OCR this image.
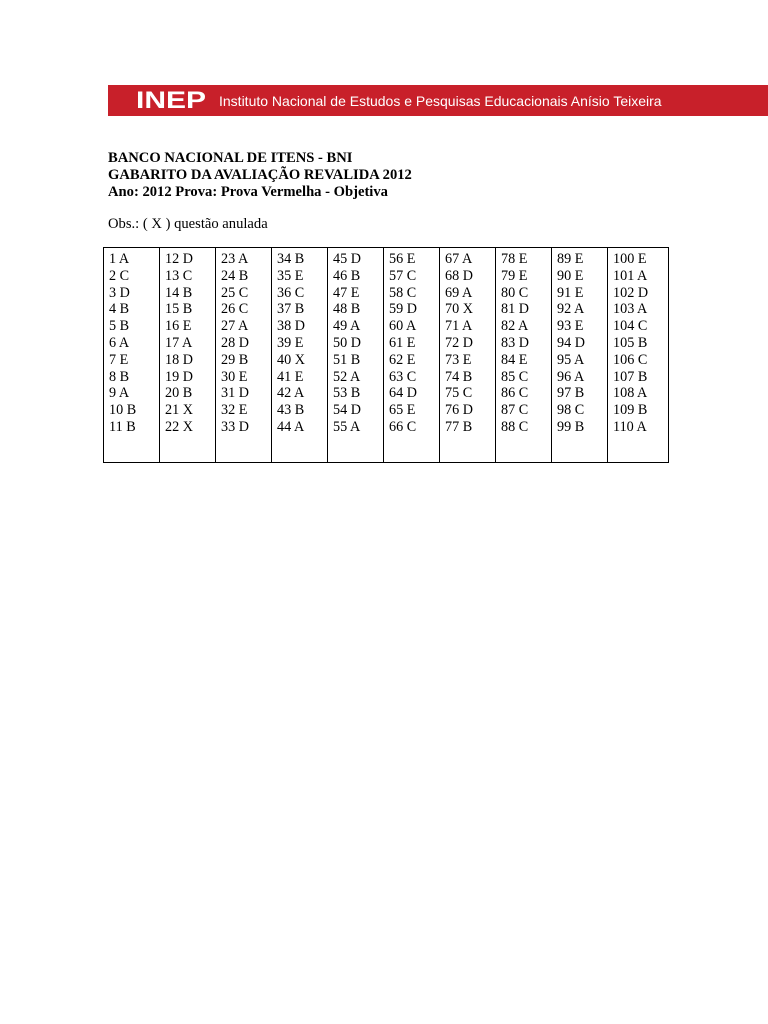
INEP Instituto Nacional de Estudos e Pesquisas Educacionais Anísio Teixeira
BANCO NACIONAL DE ITENS - BNI
GABARITO DA AVALIAÇÃO REVALIDA 2012
Ano: 2012 Prova: Prova Vermelha - Objetiva
Obs.: ( X ) questão anulada
1 A
2 C
3 D
4 B
5 B
6 A
7 E
8 B
9 A
10 B
11 B

12 D
13 C
14 B
15 B
16 E
17 A
18 D
19 D
20 B
21 X
22 X

23 A
24 B
25 C
26 C
27 A
28 D
29 B
30 E
31 D
32 E
33 D

34 B
35 E
36 C
37 B
38 D
39 E
40 X
41 E
42 A
43 B
44 A

45 D
46 B
47 E
48 B
49 A
50 D
51 B
52 A
53 B
54 D
55 A

56 E
57 C
58 C
59 D
60 A
61 E
62 E
63 C
64 D
65 E
66 C

67 A
68 D
69 A
70 X
71 A
72 D
73 E
74 B
75 C
76 D
77 B

78 E
79 E
80 C
81 D
82 A
83 D
84 E
85 C
86 C
87 C
88 C

89 E
90 E
91 E
92 A
93 E
94 D
95 A
96 A
97 B
98 C
99 B

100 E
101 A
102 D
103 A
104 C
105 B
106 C
107 B
108 A
109 B
110 A
